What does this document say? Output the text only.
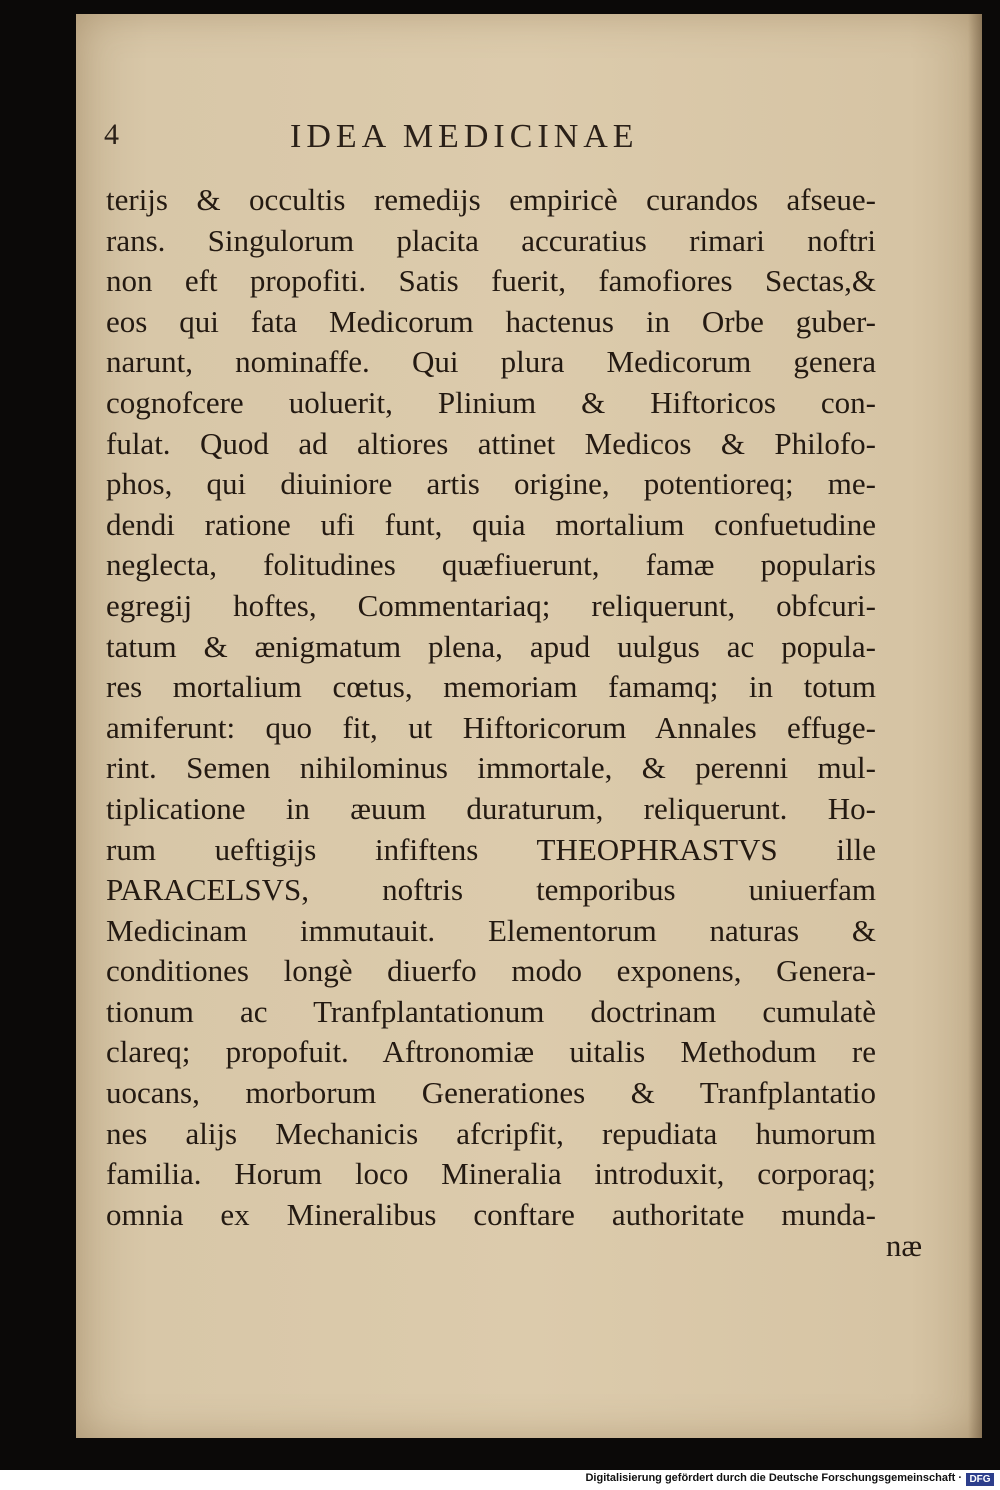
4	IDEA MEDICINAE
terijs & occultis remedijs empiricè curandos afseue-
rans. Singulorum placita accuratius rimari noftri
non eft propofiti. Satis fuerit, famofiores Sectas,&
eos qui fata Medicorum hactenus in Orbe guber-
narunt, nominaffe. Qui plura Medicorum genera
cognofcere uoluerit, Plinium & Hiftoricos con-
fulat. Quod ad altiores attinet Medicos & Philofo-
phos, qui diuiniore artis origine, potentioreq; me-
dendi ratione ufi funt, quia mortalium confuetudine
neglecta, folitudines quæfiuerunt, famæ popularis
egregij hoftes, Commentariaq; reliquerunt, obfcuri-
tatum & ænigmatum plena, apud uulgus ac popula-
res mortalium cœtus, memoriam famamq; in totum
amiferunt: quo fit, ut Hiftoricorum Annales effuge-
rint. Semen nihilominus immortale, & perenni mul-
tiplicatione in æuum duraturum, reliquerunt. Ho-
rum ueftigijs infiftens THEOPHRASTVS ille
PARACELSVS, noftris temporibus uniuerfam
Medicinam immutauit. Elementorum naturas &
conditiones longè diuerfo modo exponens, Genera-
tionum ac Tranfplantationum doctrinam cumulatè
clareq; propofuit. Aftronomiæ uitalis Methodum re
uocans, morborum Generationes & Tranfplantatio
nes alijs Mechanicis afcripfit, repudiata humorum
familia. Horum loco Mineralia introduxit, corporaq;
omnia ex Mineralibus conftare authoritate munda-
næ
Digitalisierung gefördert durch die Deutsche Forschungsgemeinschaft · DFG
